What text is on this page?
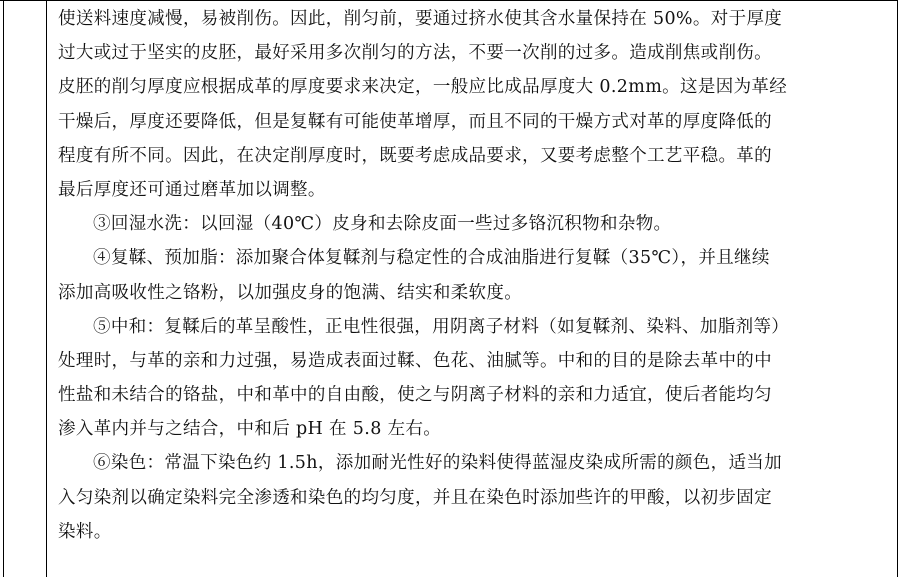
使送料速度减慢，易被削伤。因此，削匀前，要通过挤水使其含水量保持在 50%。对于厚度
过大或过于坚实的皮胚，最好采用多次削匀的方法，不要一次削的过多。造成削焦或削伤。
皮胚的削匀厚度应根据成革的厚度要求来决定，一般应比成品厚度大 0.2mm。这是因为革经
干燥后，厚度还要降低，但是复鞣有可能使革增厚，而且不同的干燥方式对革的厚度降低的
程度有所不同。因此，在决定削厚度时，既要考虑成品要求，又要考虑整个工艺平稳。革的
最后厚度还可通过磨革加以调整。
③回湿水洗：以回湿（40℃）皮身和去除皮面一些过多铬沉积物和杂物。
④复鞣、预加脂：添加聚合体复鞣剂与稳定性的合成油脂进行复鞣（35℃），并且继续
添加高吸收性之铬粉，以加强皮身的饱满、结实和柔软度。
⑤中和：复鞣后的革呈酸性，正电性很强，用阴离子材料（如复鞣剂、染料、加脂剂等）
处理时，与革的亲和力过强，易造成表面过鞣、色花、油腻等。中和的目的是除去革中的中
性盐和未结合的铬盐，中和革中的自由酸，使之与阴离子材料的亲和力适宜，使后者能均匀
渗入革内并与之结合，中和后 pH 在 5.8 左右。
⑥染色：常温下染色约 1.5h，添加耐光性好的染料使得蓝湿皮染成所需的颜色，适当加
入匀染剂以确定染料完全渗透和染色的均匀度，并且在染色时添加些许的甲酸，以初步固定
染料。
